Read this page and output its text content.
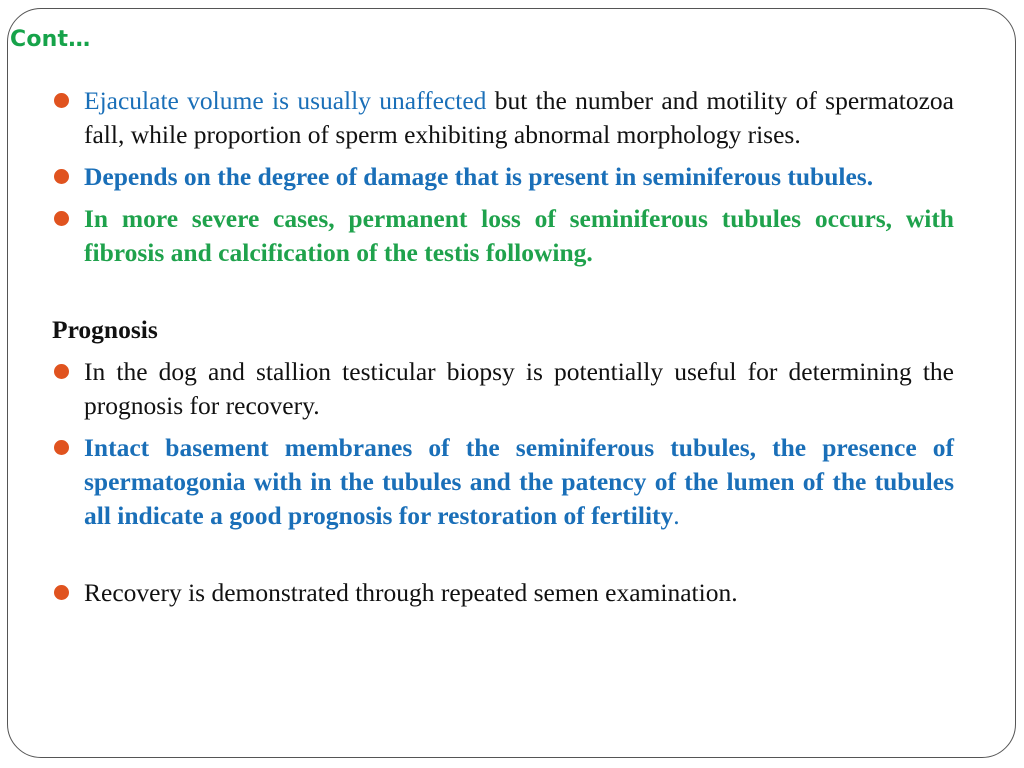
Cont…
Ejaculate volume is usually unaffected but the number and motility of spermatozoa fall, while proportion of sperm exhibiting abnormal morphology rises.
Depends on the degree of damage that is present in seminiferous tubules.
In more severe cases, permanent loss of seminiferous tubules occurs, with fibrosis and calcification of the testis following.
Prognosis
In the dog and stallion testicular biopsy is potentially useful for determining the prognosis for recovery.
Intact basement membranes of the seminiferous tubules, the presence of spermatogonia with in the tubules and the patency of the lumen of the tubules all indicate a good prognosis for restoration of fertility.
Recovery is demonstrated through repeated semen examination.
